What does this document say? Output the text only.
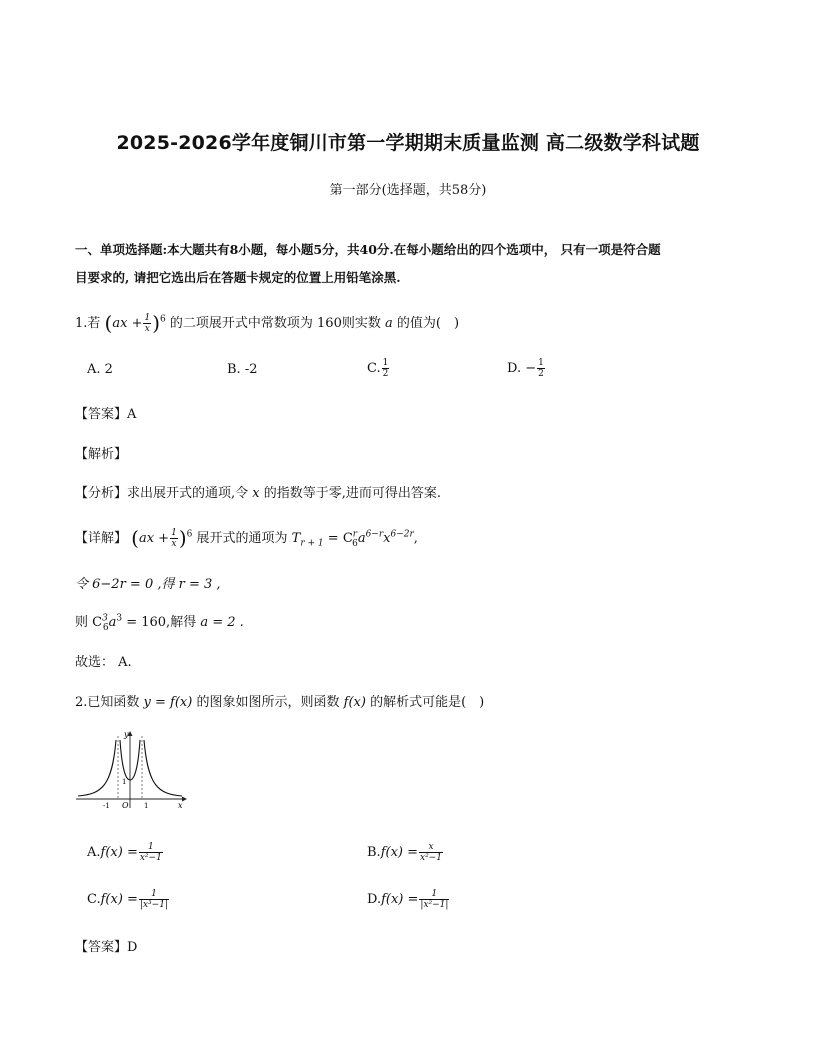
2025-2026学年度铜川市第一学期期末质量监测 高二级数学科试题
第一部分(选择题，共58分)
一、单项选择题:本大题共有8小题，每小题5分，共40分.在每小题给出的四个选项中， 只有一项是符合题
目要求的, 请把它选出后在答题卡规定的位置上用铅笔涂黑.
1.若 $(ax + \frac{1}{x} )^6$ 的二项展开式中常数项为 160则实数 a 的值为(　)
A. 2	B. -2	C. $\frac{1}{2}$	D. − $\frac{1}{2}$
【答案】A
【解析】
【分析】求出展开式的通项,令 x 的指数等于零,进而可得出答案.
【详解】 $(ax + \frac{1}{x} )^6$ 展开式的通项为 $T_{r + 1} = C^r_6a^{6-r}x^{6-2r}$,
令 6−2r = 0 ,得 r = 3 ,
则 $C^3_6a^3 = 160$,解得 a = 2 .
故选： A.
2.已知函数 y = f(x) 的图象如图所示，则函数 f(x) 的解析式可能是(　)
y
x
O
-1	1
1
$A.f(x) = \frac{1}{\text{x²−1}}$	$B.f(x) = \frac{x}{\text{x²−1}}$
$C.f(x) = \frac{1}{\text{|x³−1|}}$	$D.f(x) = \frac{1}{\text{|x²−1|}}$
【答案】D
